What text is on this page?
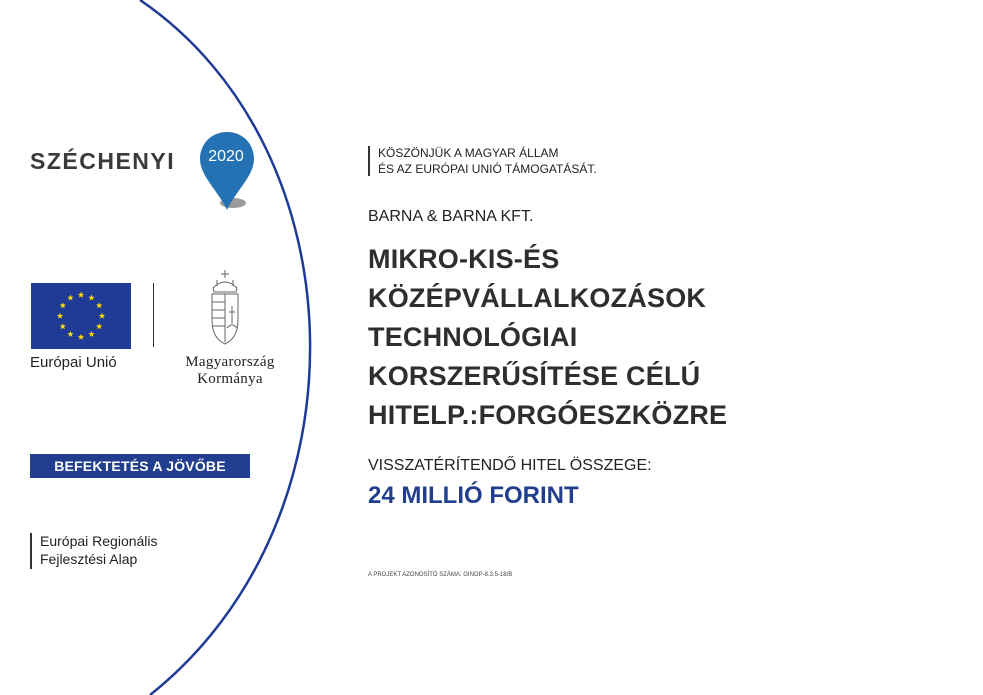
SZÉCHENYI	2020
Európai Unió	Magyarország
Kormánya
BEFEKTETÉS A JÖVŐBE
Európai Regionális
Fejlesztési Alap
KÖSZÖNJÜK A MAGYAR ÁLLAM
ÉS AZ EURÓPAI UNIÓ TÁMOGATÁSÁT.
BARNA & BARNA KFT.
MIKRO-KIS-ÉS
KÖZÉPVÁLLALKOZÁSOK
TECHNOLÓGIAI
KORSZERŰSÍTÉSE CÉLÚ
HITELP.:FORGÓESZKÖZRE
VISSZATÉRÍTENDŐ HITEL ÖSSZEGE:
24 MILLIÓ FORINT
A PROJEKT AZONOSÍTÓ SZÁMA: GINOP-8.3.5-18/B
